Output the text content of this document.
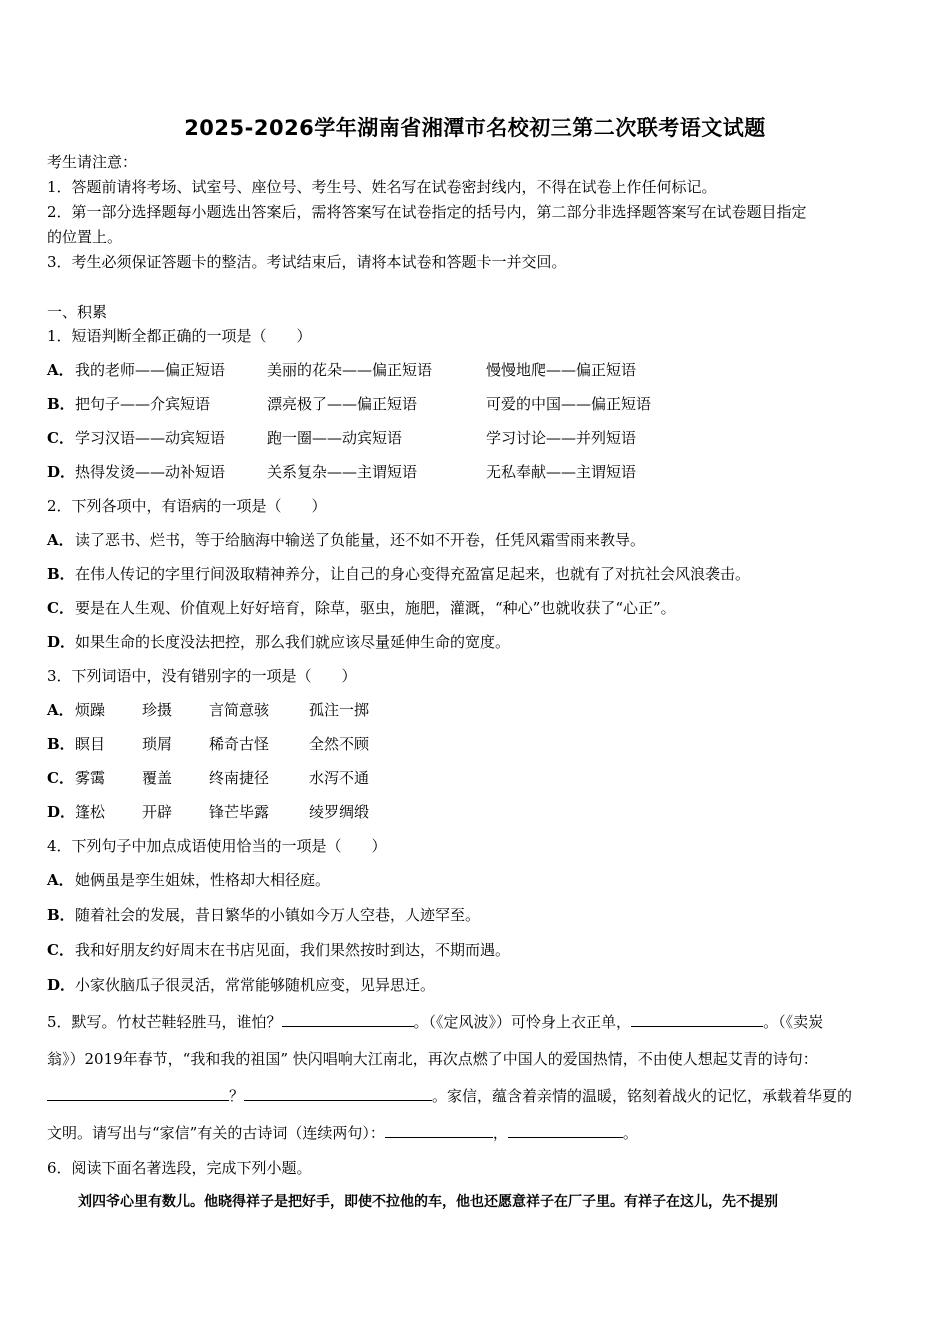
2025-2026学年湖南省湘潭市名校初三第二次联考语文试题
考生请注意：
1．答题前请将考场、试室号、座位号、考生号、姓名写在试卷密封线内，不得在试卷上作任何标记。
2．第一部分选择题每小题选出答案后，需将答案写在试卷指定的括号内，第二部分非选择题答案写在试卷题目指定
的位置上。
3．考生必须保证答题卡的整洁。考试结束后，请将本试卷和答题卡一并交回。
一、积累
1．短语判断全都正确的一项是（　　）
A． 我的老师——偏正短语	美丽的花朵——偏正短语	慢慢地爬——偏正短语
B． 把句子——介宾短语	漂亮极了——偏正短语	可爱的中国——偏正短语
C． 学习汉语——动宾短语	跑一圈——动宾短语	学习讨论——并列短语
D． 热得发烫——动补短语	关系复杂——主谓短语	无私奉献——主谓短语
2．下列各项中，有语病的一项是（　　）
A． 读了恶书、烂书，等于给脑海中输送了负能量，还不如不开卷，任凭风霜雪雨来教导。
B． 在伟人传记的字里行间汲取精神养分，让自己的身心变得充盈富足起来，也就有了对抗社会风浪袭击。
C． 要是在人生观、价值观上好好培育，除草，驱虫，施肥，灌溉，“种心”也就收获了“心正”。
D． 如果生命的长度没法把控，那么我们就应该尽量延伸生命的宽度。
3．下列词语中，没有错别字的一项是（　　）
A． 烦躁 珍摄 言简意骇	孤注一掷
B． 瞑目 琐屑 稀奇古怪	全然不顾
C． 雾霭 覆盖 终南捷径	水泻不通
D． 篷松 开辟 锋芒毕露	绫罗绸缎
4．下列句子中加点成语使用恰当的一项是（　　）
A． 她俩虽是孪生姐妹，性格却大相径庭。
B． 随着社会的发展，昔日繁华的小镇如今万人空巷，人迹罕至。
C． 我和好朋友约好周末在书店见面，我们果然按时到达，不期而遇。
D． 小家伙脑瓜子很灵活，常常能够随机应变，见异思迁。
5．默写。竹杖芒鞋轻胜马，谁怕？	。（《定风波》）可怜身上衣正单，	。（《卖炭
翁》）2019年春节，“我和我的祖国” 快闪唱响大江南北，再次点燃了中国人的爱国热情，不由使人想起艾青的诗句：
？	。家信，蕴含着亲情的温暖，铭刻着战火的记忆，承载着华夏的
文明。请写出与“家信”有关的古诗词（连续两句）：	，	。
6．阅读下面名著选段，完成下列小题。
刘四爷心里有数儿。他晓得祥子是把好手，即使不拉他的车，他也还愿意祥子在厂子里。有祥子在这儿，先不提别
